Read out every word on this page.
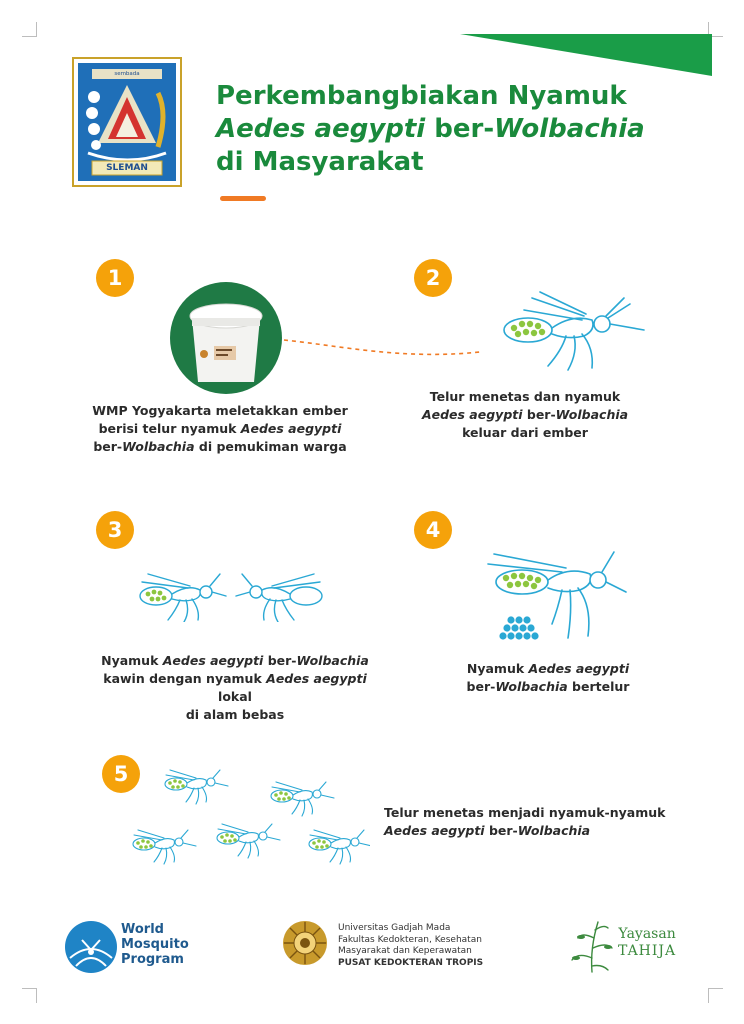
SLEMAN
sembada
Perkembangbiakan Nyamuk
Aedes aegypti ber-Wolbachia
di Masyarakat
1
WMP Yogyakarta meletakkan ember
berisi telur nyamuk Aedes aegypti
ber-Wolbachia di pemukiman warga
2
Telur menetas dan nyamuk
Aedes aegypti ber-Wolbachia
keluar dari ember
3
Nyamuk Aedes aegypti ber-Wolbachia
kawin dengan nyamuk Aedes aegypti lokal
di alam bebas
4
Nyamuk Aedes aegypti
ber-Wolbachia bertelur
5
Telur menetas menjadi nyamuk-nyamuk
Aedes aegypti ber-Wolbachia
World
Mosquito
Program
Universitas Gadjah Mada
Fakultas Kedokteran, Kesehatan
Masyarakat dan Keperawatan
PUSAT KEDOKTERAN TROPIS
Yayasan
TAHIJA
